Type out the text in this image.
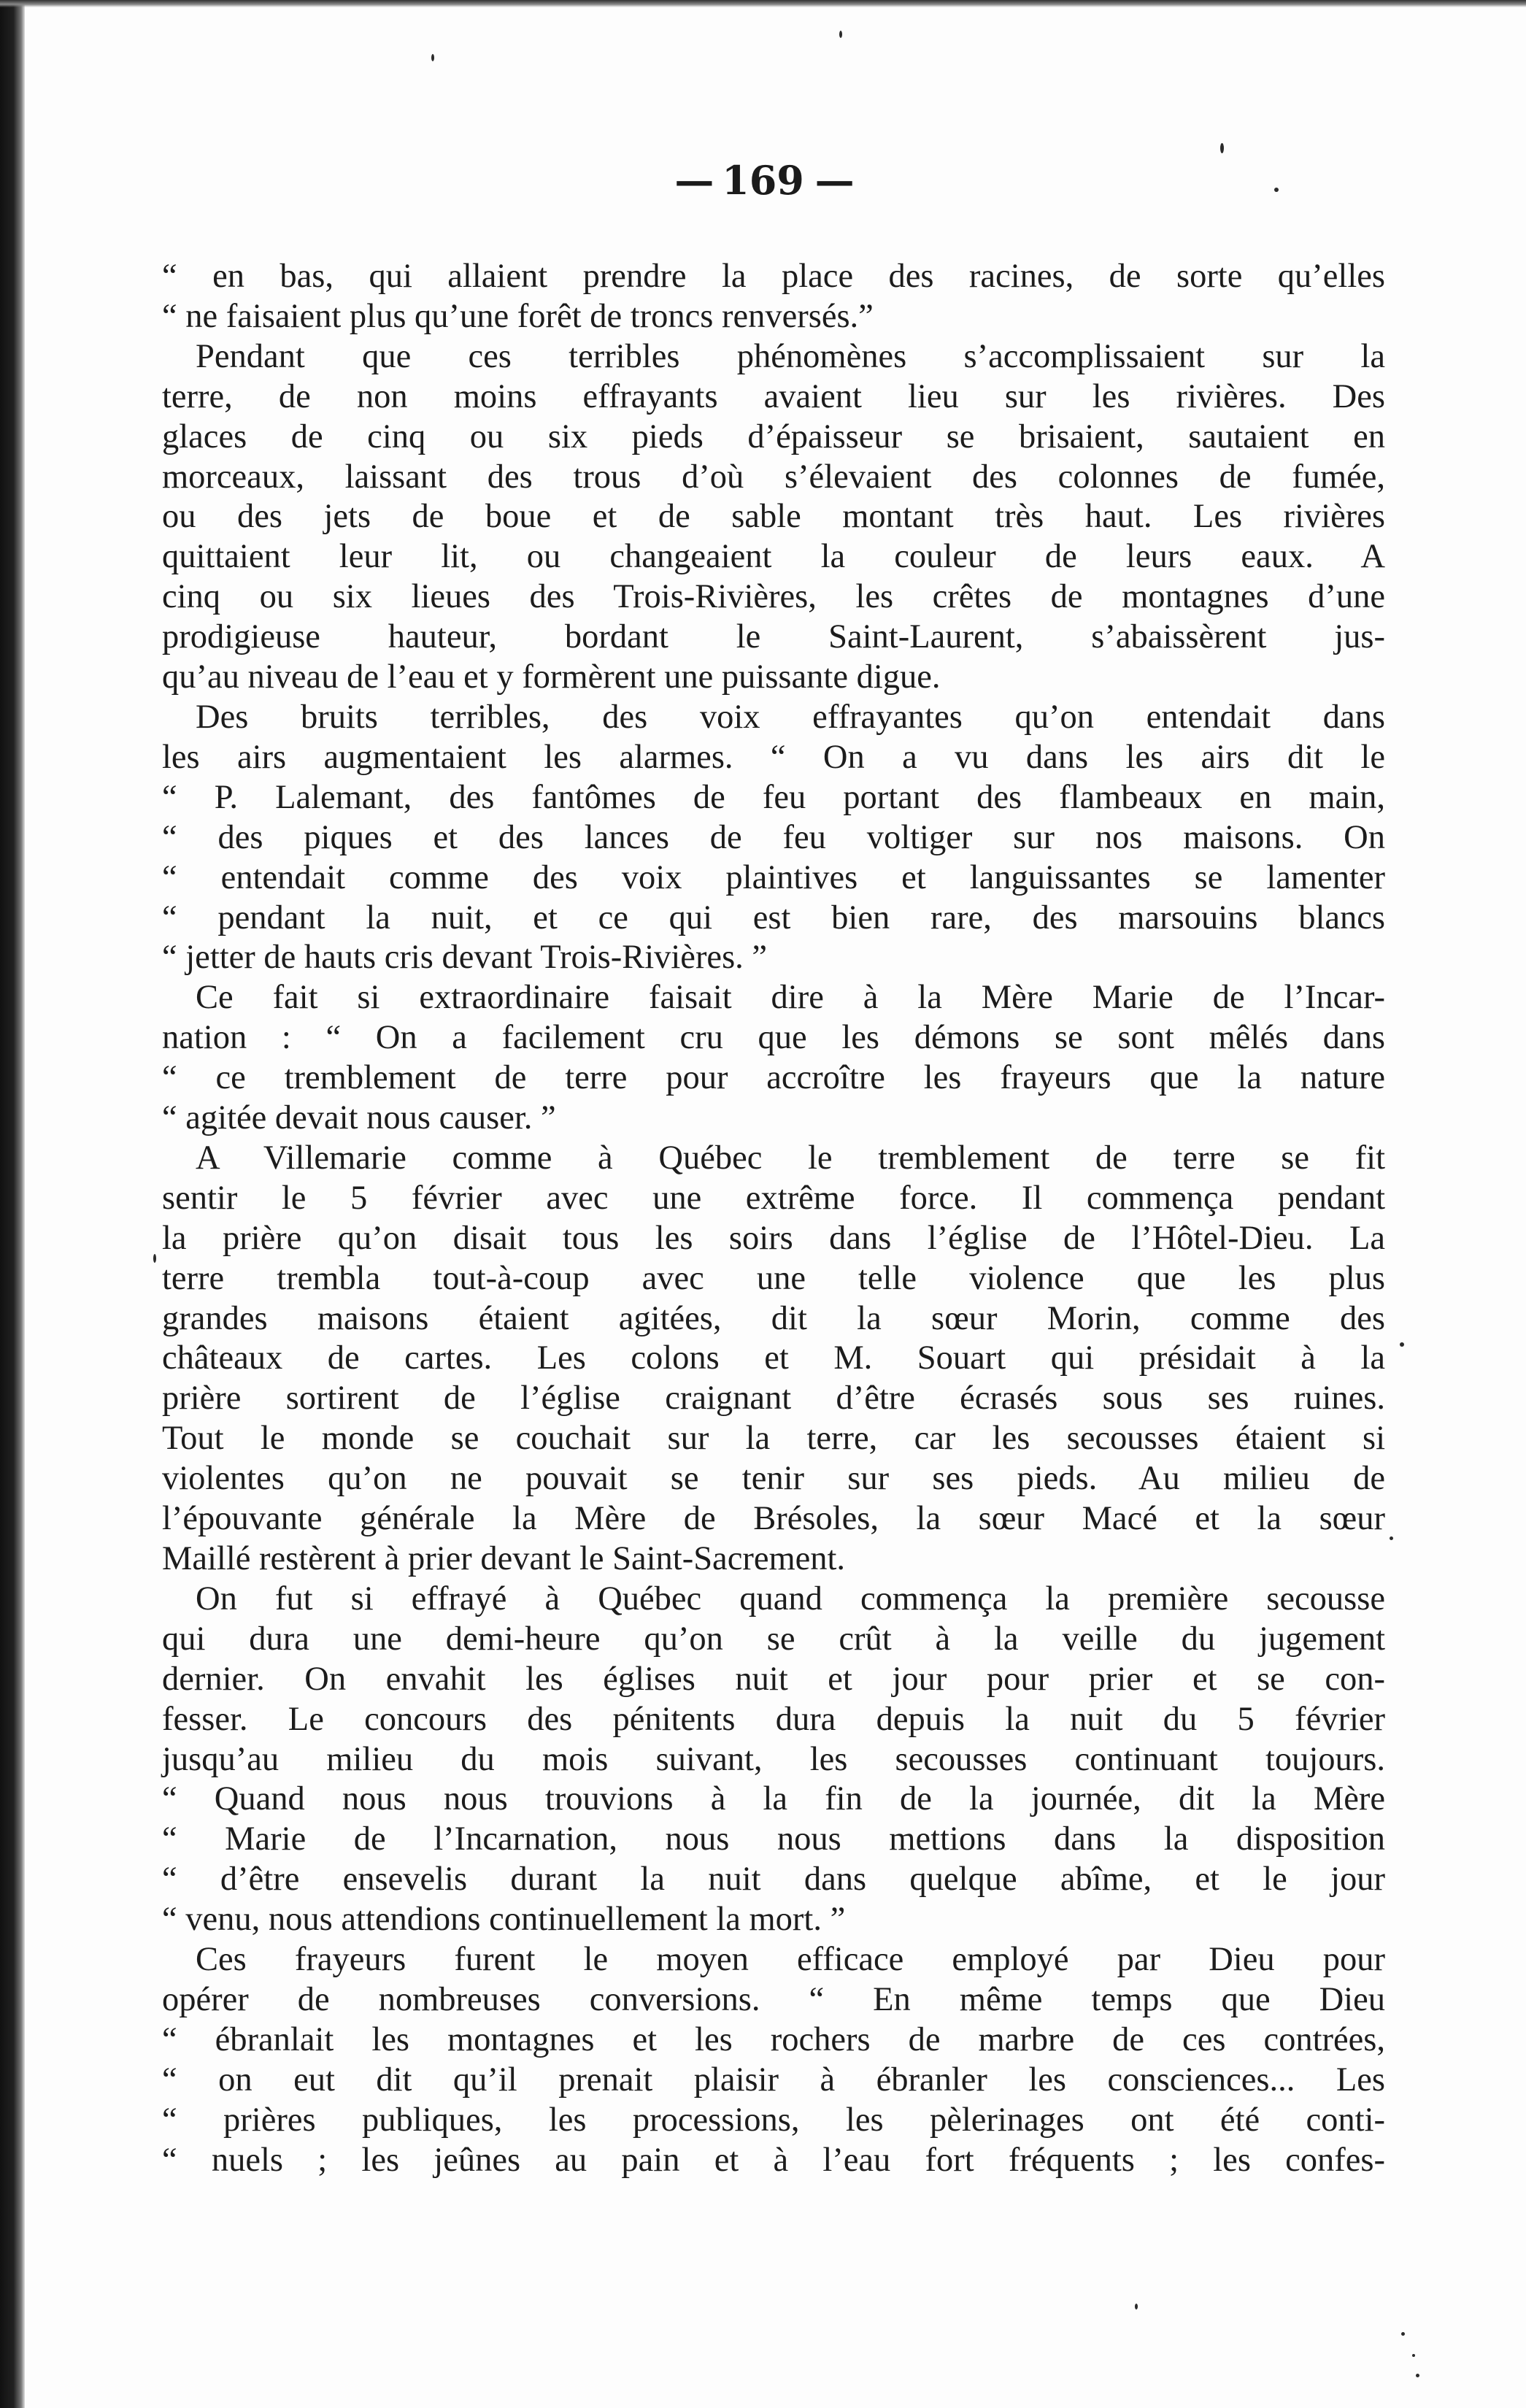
— 169 —
“ en bas, qui allaient prendre la place des racines, de sorte qu’elles
“ ne faisaient plus qu’une forêt de troncs renversés.”
Pendant que ces terribles phénomènes s’accomplissaient sur la
terre, de non moins effrayants avaient lieu sur les rivières. Des
glaces de cinq ou six pieds d’épaisseur se brisaient, sautaient en
morceaux, laissant des trous d’où s’élevaient des colonnes de fumée,
ou des jets de boue et de sable montant très haut. Les rivières
quittaient leur lit, ou changeaient la couleur de leurs eaux. A
cinq ou six lieues des Trois-Rivières, les crêtes de montagnes d’une
prodigieuse hauteur, bordant le Saint-Laurent, s’abaissèrent jus-
qu’au niveau de l’eau et y formèrent une puissante digue.
Des bruits terribles, des voix effrayantes qu’on entendait dans
les airs augmentaient les alarmes. “ On a vu dans les airs dit le
“ P. Lalemant, des fantômes de feu portant des flambeaux en main,
“ des piques et des lances de feu voltiger sur nos maisons. On
“ entendait comme des voix plaintives et languissantes se lamenter
“ pendant la nuit, et ce qui est bien rare, des marsouins blancs
“ jetter de hauts cris devant Trois-Rivières. ”
Ce fait si extraordinaire faisait dire à la Mère Marie de l’Incar-
nation : “ On a facilement cru que les démons se sont mêlés dans
“ ce tremblement de terre pour accroître les frayeurs que la nature
“ agitée devait nous causer. ”
A Villemarie comme à Québec le tremblement de terre se fit
sentir le 5 février avec une extrême force. Il commença pendant
la prière qu’on disait tous les soirs dans l’église de l’Hôtel-Dieu. La
terre trembla tout-à-coup avec une telle violence que les plus
grandes maisons étaient agitées, dit la sœur Morin, comme des
châteaux de cartes. Les colons et M. Souart qui présidait à la
prière sortirent de l’église craignant d’être écrasés sous ses ruines.
Tout le monde se couchait sur la terre, car les secousses étaient si
violentes qu’on ne pouvait se tenir sur ses pieds. Au milieu de
l’épouvante générale la Mère de Brésoles, la sœur Macé et la sœur
Maillé restèrent à prier devant le Saint-Sacrement.
On fut si effrayé à Québec quand commença la première secousse
qui dura une demi-heure qu’on se crût à la veille du jugement
dernier. On envahit les églises nuit et jour pour prier et se con-
fesser. Le concours des pénitents dura depuis la nuit du 5 février
jusqu’au milieu du mois suivant, les secousses continuant toujours.
“ Quand nous nous trouvions à la fin de la journée, dit la Mère
“ Marie de l’Incarnation, nous nous mettions dans la disposition
“ d’être ensevelis durant la nuit dans quelque abîme, et le jour
“ venu, nous attendions continuellement la mort. ”
Ces frayeurs furent le moyen efficace employé par Dieu pour
opérer de nombreuses conversions. “ En même temps que Dieu
“ ébranlait les montagnes et les rochers de marbre de ces contrées,
“ on eut dit qu’il prenait plaisir à ébranler les consciences... Les
“ prières publiques, les processions, les pèlerinages ont été conti-
“ nuels ; les jeûnes au pain et à l’eau fort fréquents ; les confes-
